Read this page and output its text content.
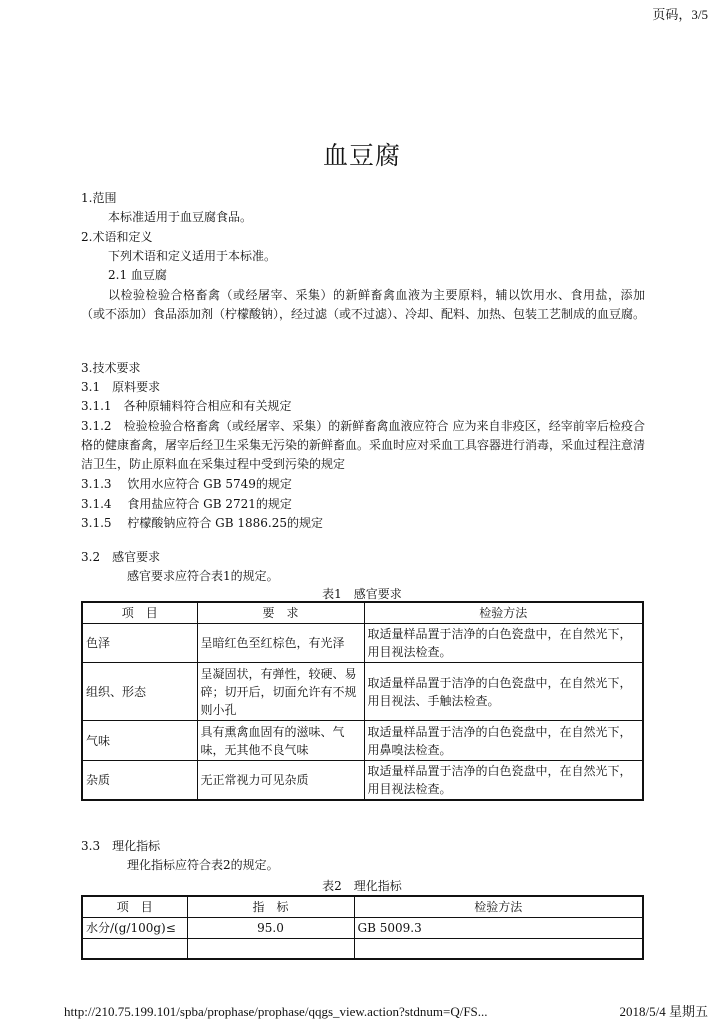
页码，3/5
血豆腐
1.范围
本标准适用于血豆腐食品。
2.术语和定义
下列术语和定义适用于本标准。
2.1 血豆腐
以检验检验合格畜禽（或经屠宰、采集）的新鲜畜禽血液为主要原料，辅以饮用水、食用盐，添加（或不添加）食品添加剂（柠檬酸钠），经过滤（或不过滤）、冷却、配料、加热、包装工艺制成的血豆腐。
3.技术要求
3.1　原料要求
3.1.1　各种原辅料符合相应和有关规定
3.1.2　检验检验合格畜禽（或经屠宰、采集）的新鲜畜禽血液应符合 应为来自非疫区，经宰前宰后检疫合格的健康畜禽，屠宰后经卫生采集无污染的新鲜畜血。采血时应对采血工具容器进行消毒，采血过程注意清洁卫生，防止原料血在采集过程中受到污染的规定
3.1.3　 饮用水应符合 GB 5749的规定
3.1.4　 食用盐应符合 GB 2721的规定
3.1.5　 柠檬酸钠应符合 GB 1886.25的规定
3.2　感官要求
感官要求应符合表1的规定。
表1　感官要求
项　目	要　求	检验方法
色泽	呈暗红色至红棕色，有光泽	取适量样品置于洁净的白色瓷盘中，在自然光下，用目视法检查。
组织、形态	呈凝固状，有弹性，较硬、易碎；切开后，切面允许有不规则小孔	取适量样品置于洁净的白色瓷盘中，在自然光下，用目视法、手触法检查。
气味	具有熏禽血固有的滋味、气味，无其他不良气味	取适量样品置于洁净的白色瓷盘中，在自然光下，用鼻嗅法检查。
杂质	无正常视力可见杂质	取适量样品置于洁净的白色瓷盘中，在自然光下，用目视法检查。
3.3　理化指标
理化指标应符合表2的规定。
表2　理化指标
项　目	指　标	检验方法
水分/(g/100g)≤	95.0	GB 5009.3

http://210.75.199.101/spba/prophase/prophase/qqgs_view.action?stdnum=Q/FS...	2018/5/4 星期五
